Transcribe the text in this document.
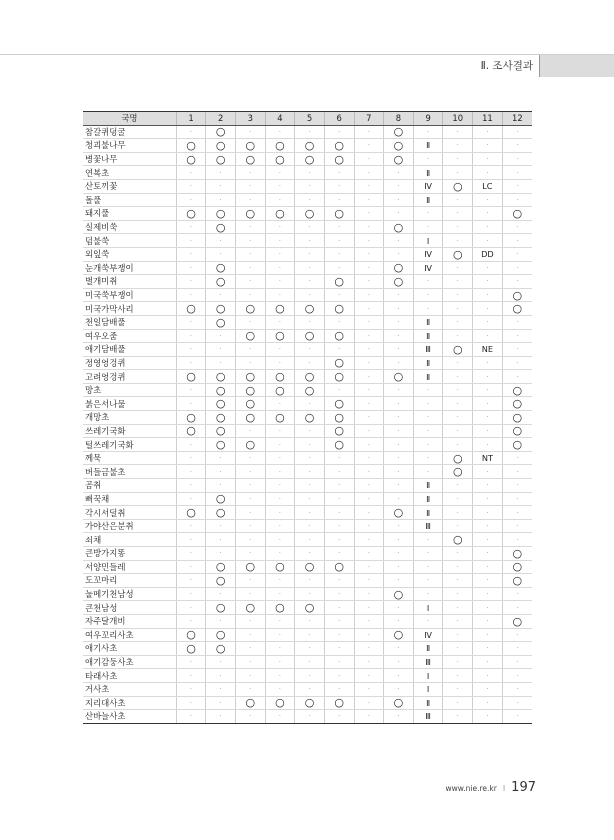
Ⅱ. 조사결과
국명	1	2	3	4	5	6	7	8	9	10	11	12
참갈퀴덩굴	·	○	·	·	·	·	·	○	·	·	·	·
청괴불나무	○	○	○	○	○	○	·	○	Ⅱ	·	·	·
병꽃나무	○	○	○	○	○	○	·	○	·	·	·	·
연복초	·	·	·	·	·	·	·	·	Ⅱ	·	·	·
산토끼꽃	·	·	·	·	·	·	·	·	Ⅳ	○	LC	·
돌풀	·	·	·	·	·	·	·	·	Ⅱ	·	·	·
돼지풀	○	○	○	○	○	○	·	·	·	·	·	○
실제비쑥	·	○	·	·	·	·	·	○	·	·	·	·
덤불쑥	·	·	·	·	·	·	·	·	Ⅰ	·	·	·
외잎쑥	·	·	·	·	·	·	·	·	Ⅳ	○	DD	·
눈개쑥부쟁이	·	○	·	·	·	·	·	○	Ⅳ	·	·	·
벌개미취	·	○	·	·	·	○	·	○	·	·	·	·
미국쑥부쟁이	·	·	·	·	·	·	·	·	·	·	·	○
미국가막사리	○	○	○	○	○	○	·	·	·	·	·	○
천일담배풀	·	○	·	·	·	·	·	·	Ⅱ	·	·	·
여우오줌	·	·	○	○	○	○	·	·	Ⅱ	·	·	·
애기담배풀	·	·	·	·	·	·	·	·	Ⅲ	○	NE	·
정영엉겅퀴	·	·	·	·	·	○	·	·	Ⅱ	·	·	·
고려엉겅퀴	○	○	○	○	○	○	·	○	Ⅱ	·	·	·
망초	·	○	○	○	○	·	·	·	·	·	·	○
붉은서나물	·	○	○	·	·	○	·	·	·	·	·	○
개망초	○	○	○	○	○	○	·	·	·	·	·	○
쓰레기국화	○	○	·	·	·	○	·	·	·	·	·	○
털쓰레기국화	·	○	○	·	·	○	·	·	·	·	·	○
께묵	·	·	·	·	·	·	·	·	·	○	NT	·
버들금불초	·	·	·	·	·	·	·	·	·	○	·	·
곰취	·	·	·	·	·	·	·	·	Ⅱ	·	·	·
뻐꾹채	·	○	·	·	·	·	·	·	Ⅱ	·	·	·
각시서덜취	○	○	·	·	·	·	·	○	Ⅱ	·	·	·
가야산은분취	·	·	·	·	·	·	·	·	Ⅲ	·	·	·
쇠채	·	·	·	·	·	·	·	·	·	○	·	·
큰방가지똥	·	·	·	·	·	·	·	·	·	·	·	○
서양민들레	·	○	○	○	○	○	·	·	·	·	·	○
도꼬마리	·	○	·	·	·	·	·	·	·	·	·	○
눌메기천남성	·	·	·	·	·	·	·	○	·	·	·	·
큰천남성	·	○	○	○	○	·	·	·	Ⅰ	·	·	·
자주달개비	·	·	·	·	·	·	·	·	·	·	·	○
여우꼬리사초	○	○	·	·	·	·	·	○	Ⅳ	·	·	·
애기사초	○	○	·	·	·	·	·	·	Ⅱ	·	·	·
애기감둥사초	·	·	·	·	·	·	·	·	Ⅲ	·	·	·
타래사초	·	·	·	·	·	·	·	·	Ⅰ	·	·	·
거사초	·	·	·	·	·	·	·	·	Ⅰ	·	·	·
지리대사초	·	·	○	○	○	○	·	○	Ⅱ	·	·	·
산바늘사초	·	·	·	·	·	·	·	·	Ⅲ	·	·	·
www.nie.re.kr I 197
